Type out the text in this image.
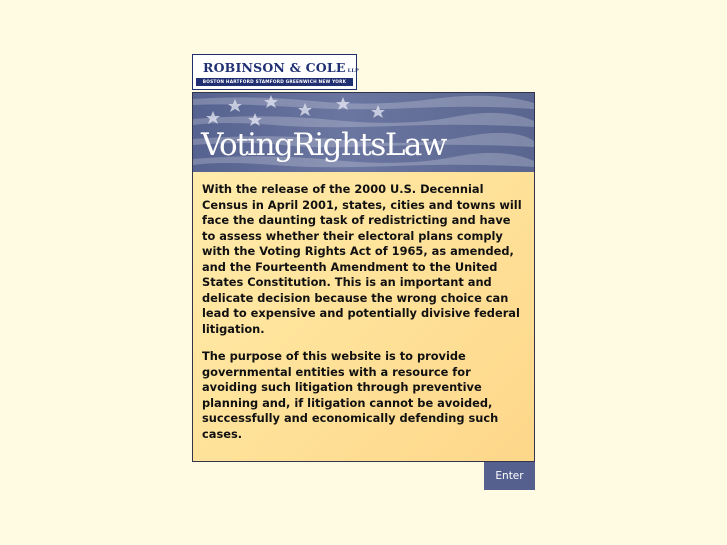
ROBINSON & COLE LLP
BOSTON HARTFORD STAMFORD GREENWICH NEW YORK
VotingRightsLaw

With the release of the 2000 U.S. Decennial Census in April 2001, states, cities and towns will face the daunting task of redistricting and have to assess whether their electoral plans comply with the Voting Rights Act of 1965, as amended, and the Fourteenth Amendment to the United States Constitution. This is an important and delicate decision because the wrong choice can lead to expensive and potentially divisive federal litigation.

The purpose of this website is to provide governmental entities with a resource for avoiding such litigation through preventive planning and, if litigation cannot be avoided, successfully and economically defending such cases.

Enter
